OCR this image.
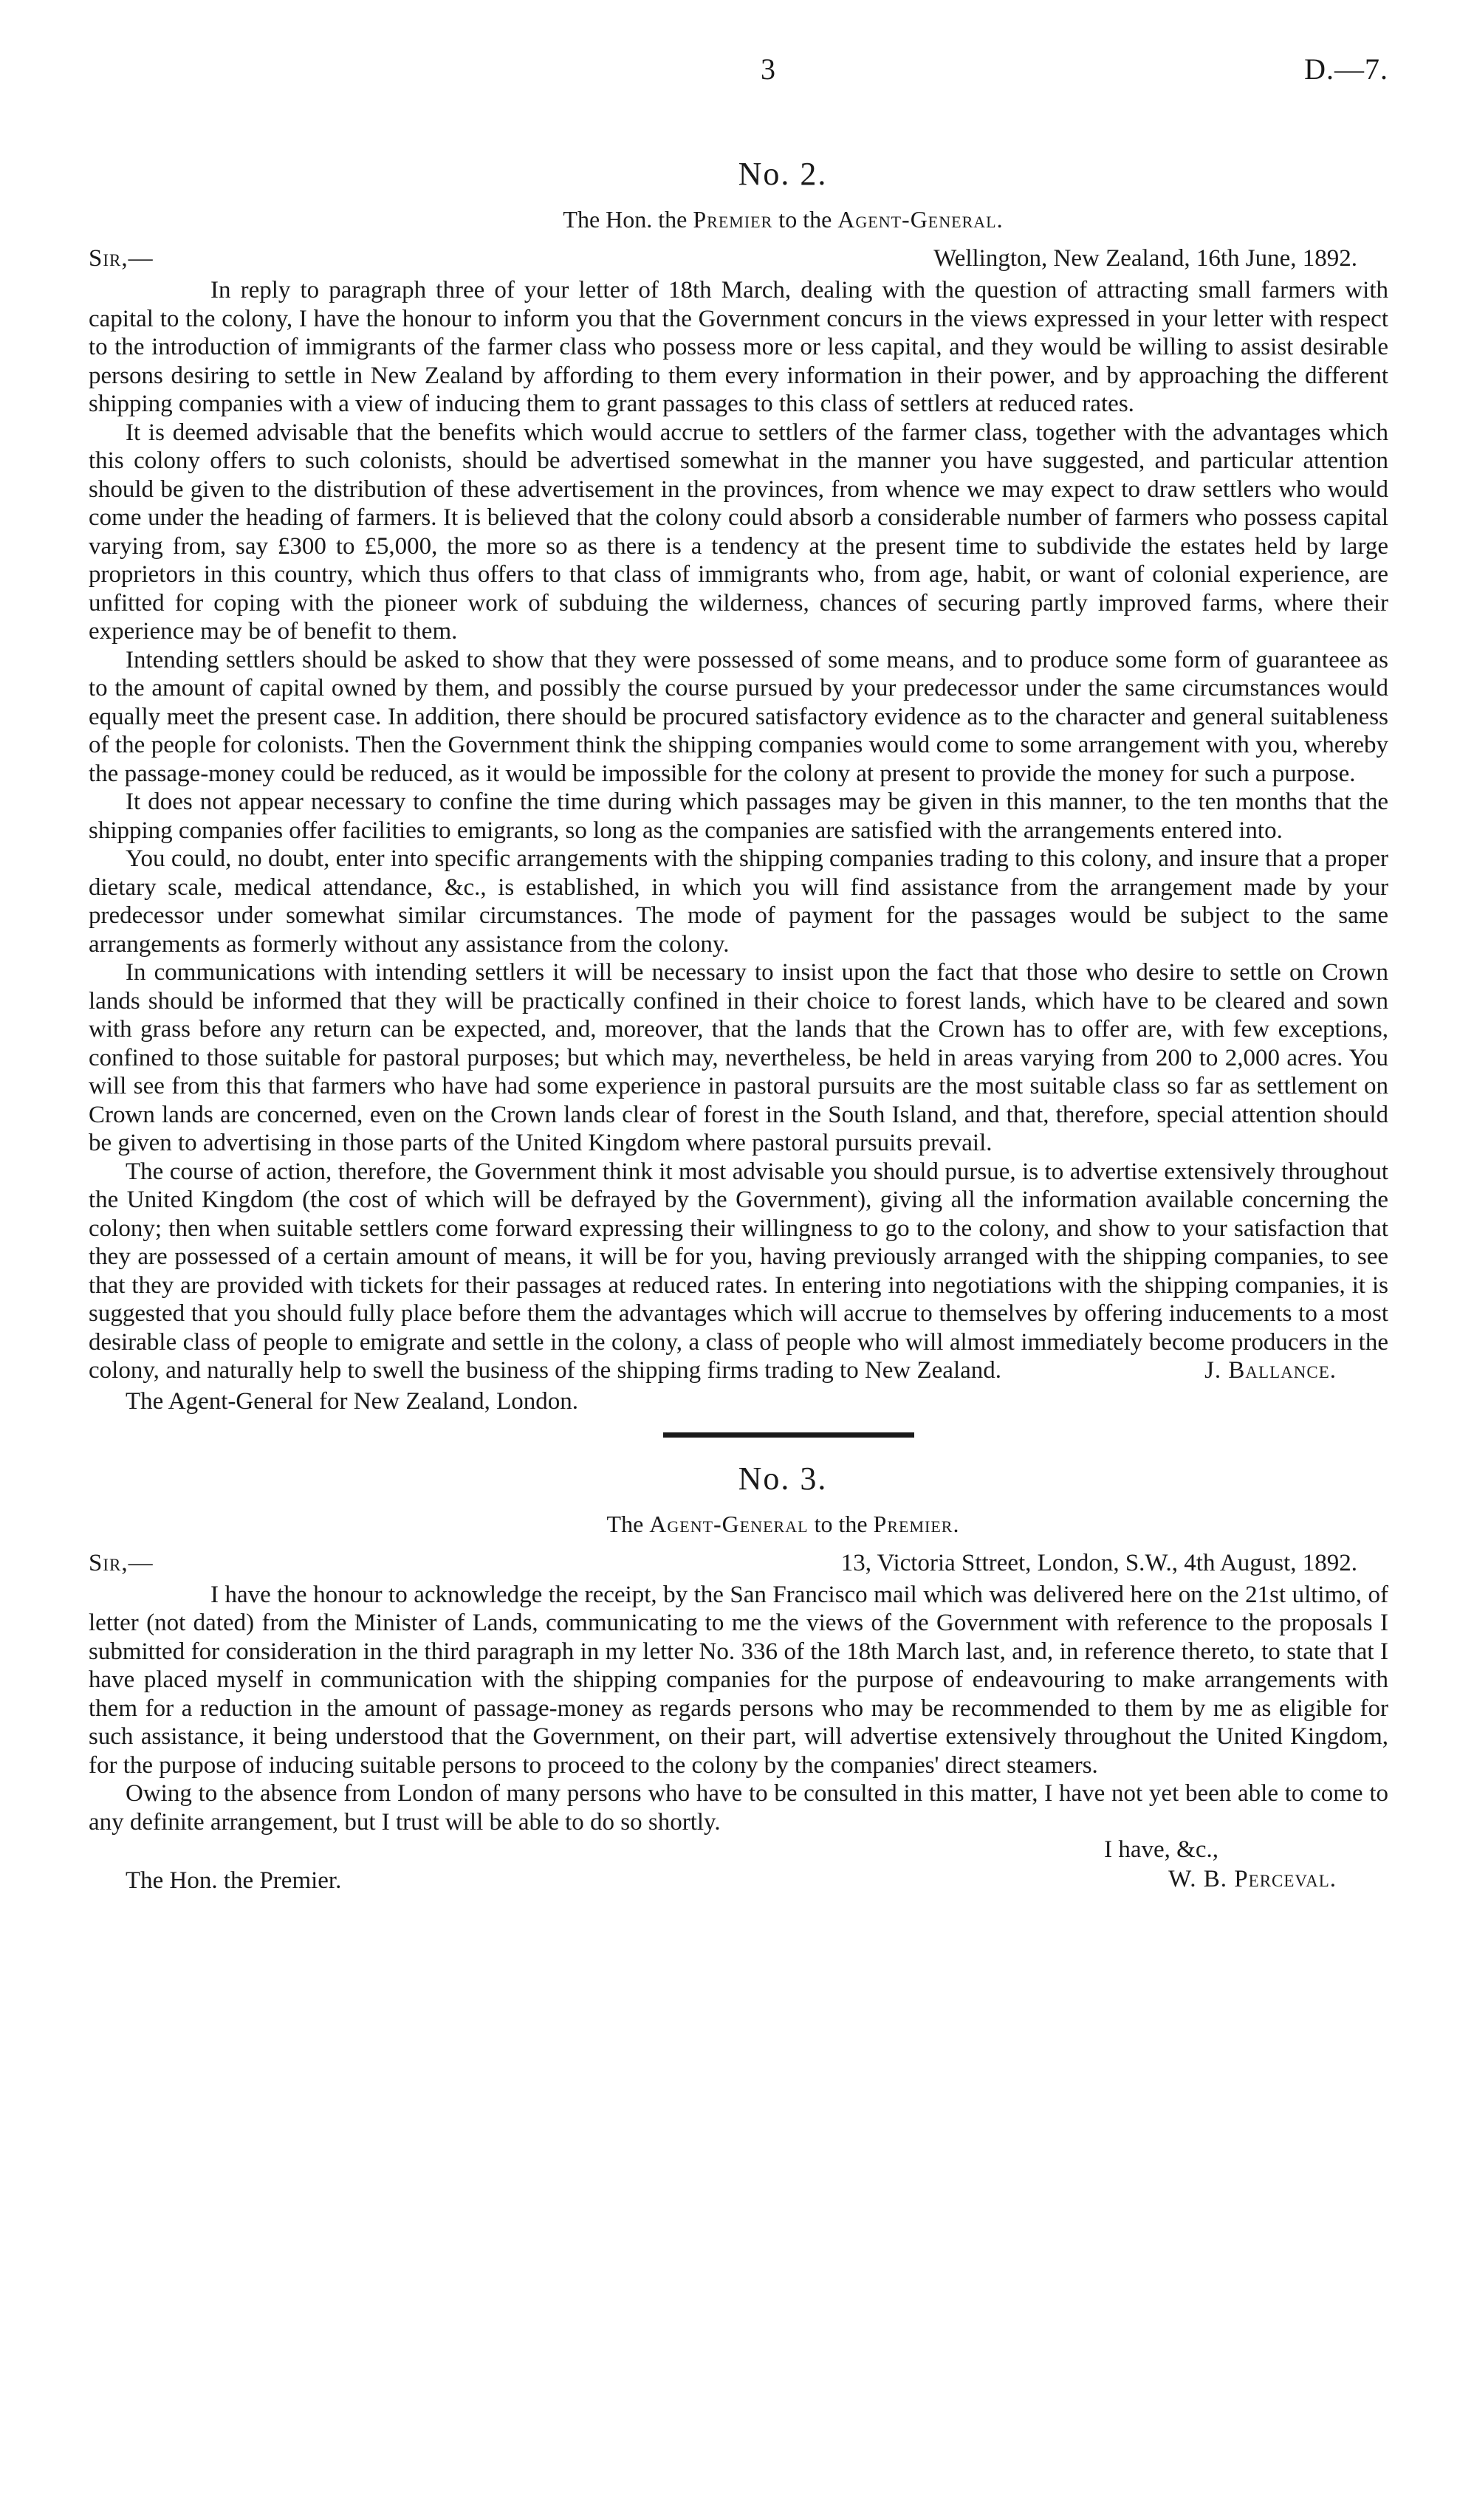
3	D.—7.
No. 2.
The Hon. the Premier to the Agent-General.
Sir,—	Wellington, New Zealand, 16th June, 1892.

In reply to paragraph three of your letter of 18th March, dealing with the question of attracting small farmers with capital to the colony, I have the honour to inform you that the Government concurs in the views expressed in your letter with respect to the introduction of immigrants of the farmer class who possess more or less capital, and they would be willing to assist desirable persons desiring to settle in New Zealand by affording to them every information in their power, and by approaching the different shipping companies with a view of inducing them to grant passages to this class of settlers at reduced rates.

It is deemed advisable that the benefits which would accrue to settlers of the farmer class, together with the advantages which this colony offers to such colonists, should be advertised somewhat in the manner you have suggested, and particular attention should be given to the distribution of these advertisement in the provinces, from whence we may expect to draw settlers who would come under the heading of farmers. It is believed that the colony could absorb a considerable number of farmers who possess capital varying from, say £300 to £5,000, the more so as there is a tendency at the present time to subdivide the estates held by large proprietors in this country, which thus offers to that class of immigrants who, from age, habit, or want of colonial experience, are unfitted for coping with the pioneer work of subduing the wilderness, chances of securing partly improved farms, where their experience may be of benefit to them.

Intending settlers should be asked to show that they were possessed of some means, and to produce some form of guaranteee as to the amount of capital owned by them, and possibly the course pursued by your predecessor under the same circumstances would equally meet the present case. In addition, there should be procured satisfactory evidence as to the character and general suitableness of the people for colonists. Then the Government think the shipping companies would come to some arrangement with you, whereby the passage-money could be reduced, as it would be impossible for the colony at present to provide the money for such a purpose.

It does not appear necessary to confine the time during which passages may be given in this manner, to the ten months that the shipping companies offer facilities to emigrants, so long as the companies are satisfied with the arrangements entered into.

You could, no doubt, enter into specific arrangements with the shipping companies trading to this colony, and insure that a proper dietary scale, medical attendance, &c., is established, in which you will find assistance from the arrangement made by your predecessor under somewhat similar circumstances. The mode of payment for the passages would be subject to the same arrangements as formerly without any assistance from the colony.

In communications with intending settlers it will be necessary to insist upon the fact that those who desire to settle on Crown lands should be informed that they will be practically confined in their choice to forest lands, which have to be cleared and sown with grass before any return can be expected, and, moreover, that the lands that the Crown has to offer are, with few exceptions, confined to those suitable for pastoral purposes; but which may, nevertheless, be held in areas varying from 200 to 2,000 acres. You will see from this that farmers who have had some experience in pastoral pursuits are the most suitable class so far as settlement on Crown lands are concerned, even on the Crown lands clear of forest in the South Island, and that, therefore, special attention should be given to advertising in those parts of the United Kingdom where pastoral pursuits prevail.

The course of action, therefore, the Government think it most advisable you should pursue, is to advertise extensively throughout the United Kingdom (the cost of which will be defrayed by the Government), giving all the information available concerning the colony; then when suitable settlers come forward expressing their willingness to go to the colony, and show to your satisfaction that they are possessed of a certain amount of means, it will be for you, having previously arranged with the shipping companies, to see that they are provided with tickets for their passages at reduced rates. In entering into negotiations with the shipping companies, it is suggested that you should fully place before them the advantages which will accrue to themselves by offering inducements to a most desirable class of people to emigrate and settle in the colony, a class of people who will almost immediately become producers in the colony, and naturally help to swell the business of the shipping firms trading to New Zealand.	J. Ballance.
The Agent-General for New Zealand, London.
No. 3.
The Agent-General to the Premier.
Sir,—	13, Victoria Sttreet, London, S.W., 4th August, 1892.

I have the honour to acknowledge the receipt, by the San Francisco mail which was delivered here on the 21st ultimo, of letter (not dated) from the Minister of Lands, communicating to me the views of the Government with reference to the proposals I submitted for consideration in the third paragraph in my letter No. 336 of the 18th March last, and, in reference thereto, to state that I have placed myself in communication with the shipping companies for the purpose of endeavouring to make arrangements with them for a reduction in the amount of passage-money as regards persons who may be recommended to them by me as eligible for such assistance, it being understood that the Government, on their part, will advertise extensively throughout the United Kingdom, for the purpose of inducing suitable persons to proceed to the colony by the companies' direct steamers.

Owing to the absence from London of many persons who have to be consulted in this matter, I have not yet been able to come to any definite arrangement, but I trust will be able to do so shortly.

I have, &c.,
The Hon. the Premier.	W. B. Perceval.
